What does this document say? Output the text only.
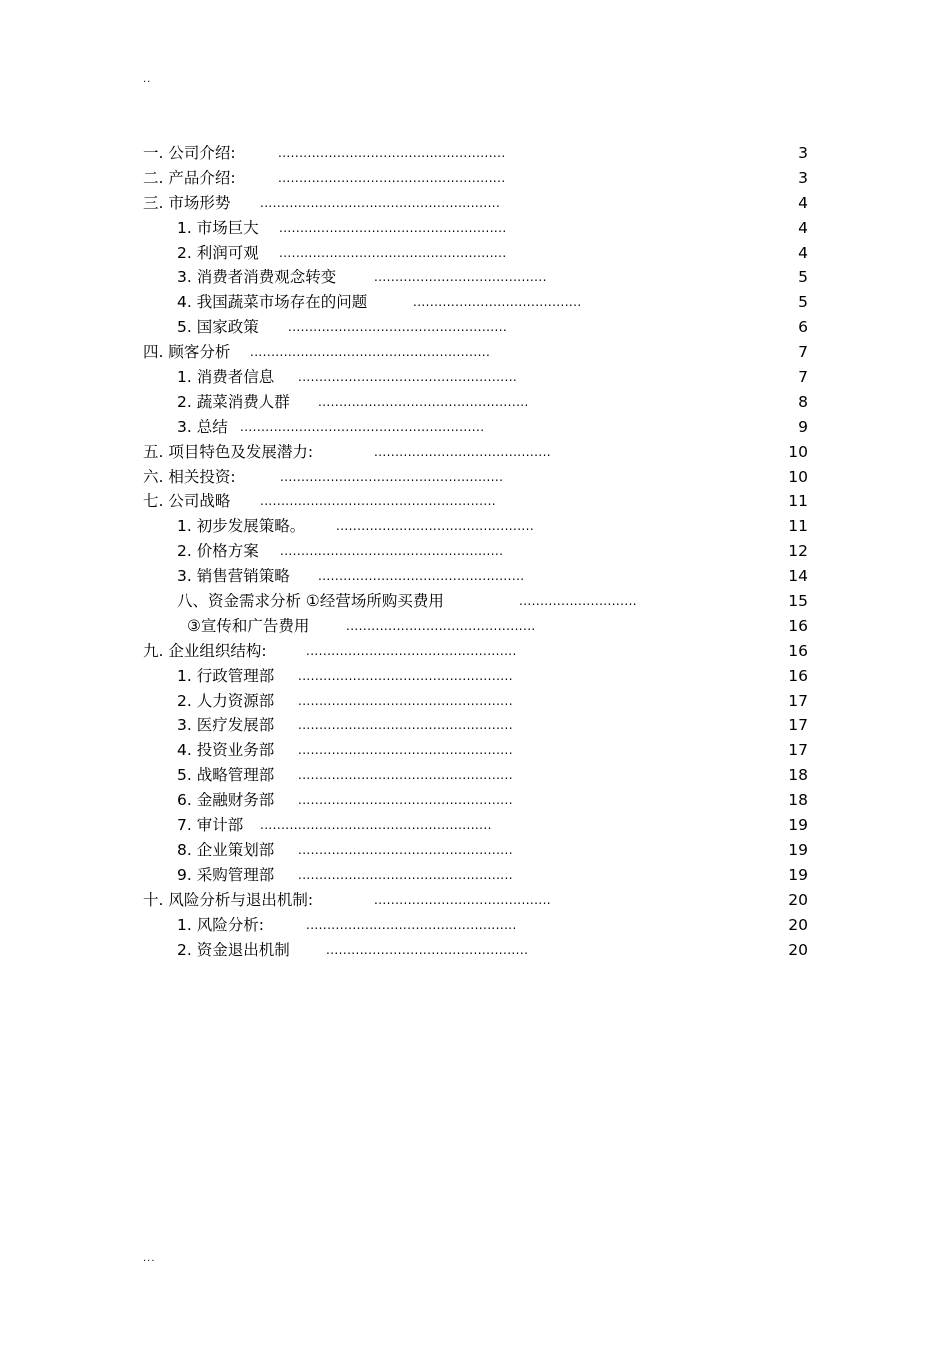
..
一. 公司介绍:	......................................................	3
二. 产品介绍:	......................................................	3
三. 市场形势 .........................................................	4
1. 市场巨大 ......................................................	4
2. 利润可观 ......................................................	4
3. 消费者消费观念转变	.........................................	5
4. 我国蔬菜市场存在的问题	........................................	5
5. 国家政策 ....................................................	6
四. 顾客分析 .........................................................	7
1. 消费者信息 ....................................................	7
2. 蔬菜消费人群 ..................................................	8
3. 总结 ..........................................................	9
五. 项目特色及发展潜力:	..........................................	10
六. 相关投资:	.....................................................	10
七. 公司战略 ........................................................	11
1. 初步发展策略。	...............................................	11
2. 价格方案 .....................................................	12
3. 销售营销策略 .................................................	14
八、资金需求分析 ①经营场所购买费用	............................	15
③宣传和广告费用	.............................................	16
九. 企业组织结构:	..................................................	16
1. 行政管理部 ...................................................	16
2. 人力资源部 ...................................................	17
3. 医疗发展部 ...................................................	17
4. 投资业务部 ...................................................	17
5. 战略管理部 ...................................................	18
6. 金融财务部 ...................................................	18
7. 审计部 .......................................................	19
8. 企业策划部 ...................................................	19
9. 采购管理部 ...................................................	19
十. 风险分析与退出机制:	..........................................	20
1. 风险分析:	..................................................	20
2. 资金退出机制	................................................	20
...
